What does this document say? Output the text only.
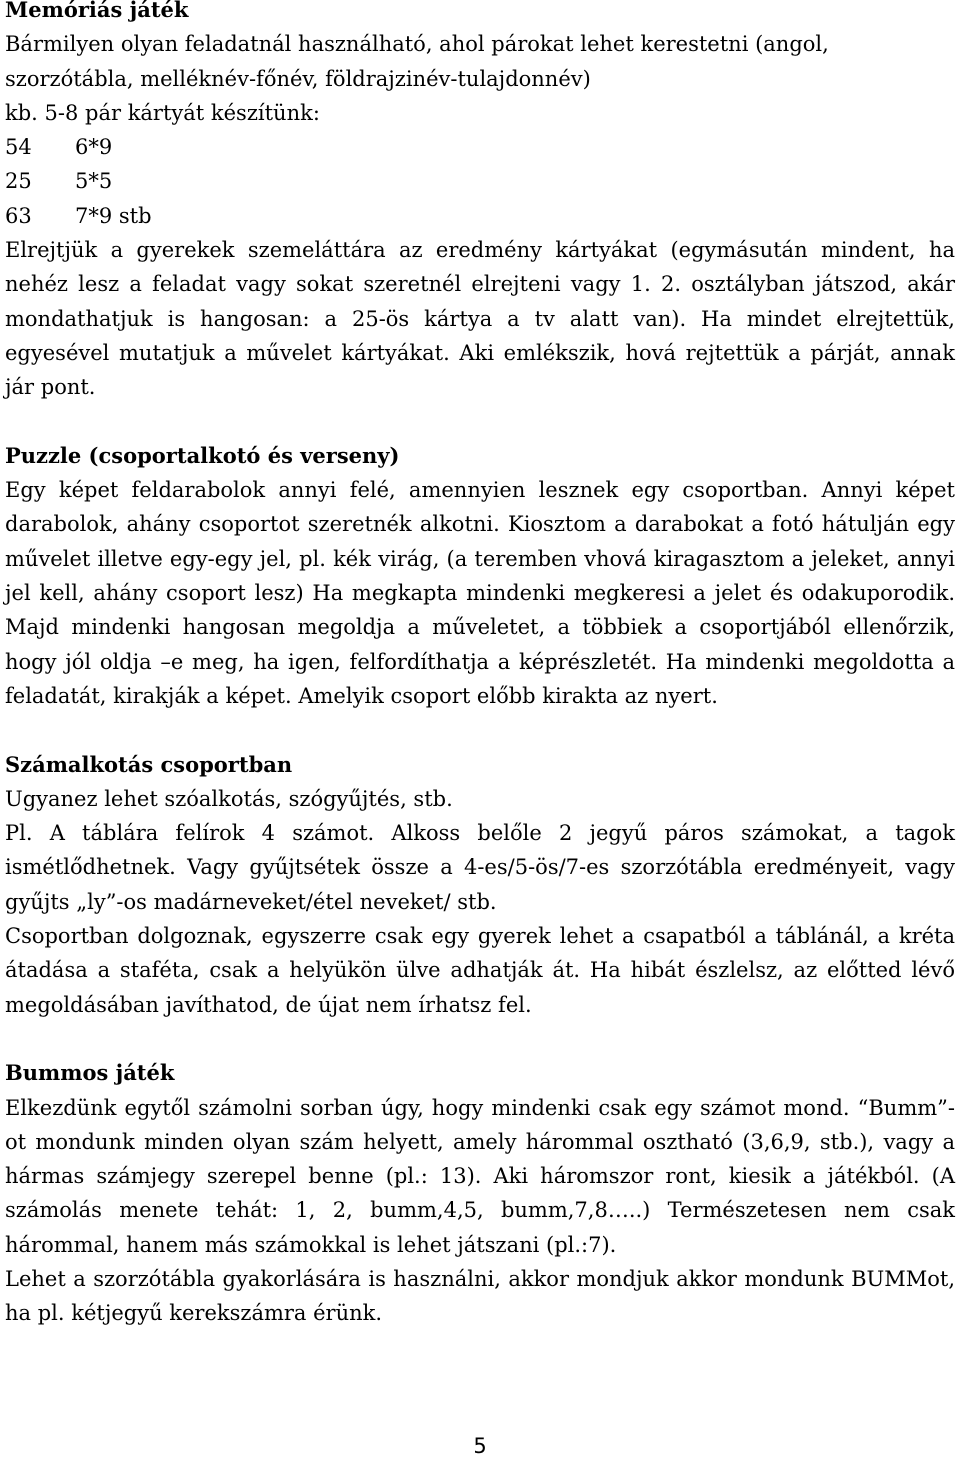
Memóriás játék

Bármilyen olyan feladatnál használható, ahol párokat lehet kerestetni (angol,

szorzótábla, melléknév-főnév, földrajzinév-tulajdonnév)

kb. 5-8 pár kártyát készítünk:

54 6*9

25 5*5

63 7*9 stb

Elrejtjük a gyerekek szemeláttára az eredmény kártyákat (egymásután mindent, ha nehéz lesz a feladat vagy sokat szeretnél elrejteni vagy 1. 2. osztályban játszod, akár mondathatjuk is hangosan: a 25-ös kártya a tv alatt van). Ha mindet elrejtettük, egyesével mutatjuk a művelet kártyákat. Aki emlékszik, hová rejtettük a párját, annak jár pont.

Puzzle (csoportalkotó és verseny)

Egy képet feldarabolok annyi felé, amennyien lesznek egy csoportban. Annyi képet darabolok, ahány csoportot szeretnék alkotni. Kiosztom a darabokat a fotó hátulján egy művelet illetve egy-egy jel, pl. kék virág, (a teremben vhová kiragasztom a jeleket, annyi jel kell, ahány csoport lesz) Ha megkapta mindenki megkeresi a jelet és odakuporodik. Majd mindenki hangosan megoldja a műveletet, a többiek a csoportjából ellenőrzik, hogy jól oldja –e meg, ha igen, felfordíthatja a képrészletét. Ha mindenki megoldotta a feladatát, kirakják a képet. Amelyik csoport előbb kirakta az nyert.

Számalkotás csoportban

Ugyanez lehet szóalkotás, szógyűjtés, stb.

Pl. A táblára felírok 4 számot. Alkoss belőle 2 jegyű páros számokat, a tagok ismétlődhetnek. Vagy gyűjtsétek össze a 4-es/5-ös/7-es szorzótábla eredményeit, vagy gyűjts „ly”-os madárneveket/étel neveket/ stb.

Csoportban dolgoznak, egyszerre csak egy gyerek lehet a csapatból a táblánál, a kréta átadása a staféta, csak a helyükön ülve adhatják át. Ha hibát észlelsz, az előtted lévő megoldásában javíthatod, de újat nem írhatsz fel.

Bummos játék

Elkezdünk egytől számolni sorban úgy, hogy mindenki csak egy számot mond. “Bumm”-ot mondunk minden olyan szám helyett, amely hárommal osztható (3,6,9, stb.), vagy a hármas számjegy szerepel benne (pl.: 13). Aki háromszor ront, kiesik a játékból. (A számolás menete tehát: 1, 2, bumm,4,5, bumm,7,8…..) Természetesen nem csak hárommal, hanem más számokkal is lehet játszani (pl.:7).

Lehet a szorzótábla gyakorlására is használni, akkor mondjuk akkor mondunk BUMMot, ha pl. kétjegyű kerekszámra érünk.

5
